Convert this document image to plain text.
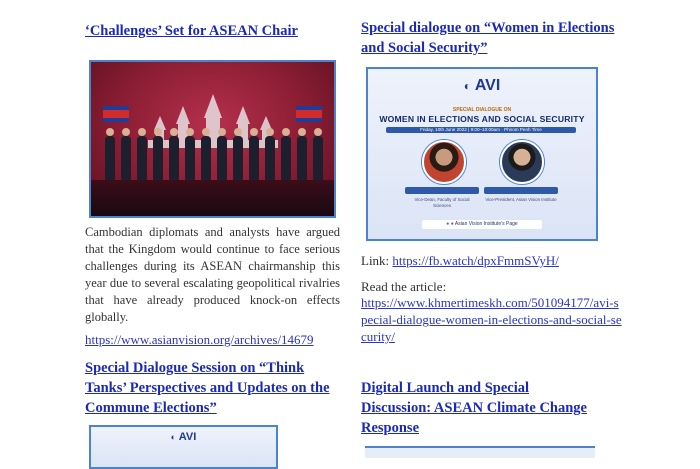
‘Challenges’ Set for ASEAN Chair

Cambodian diplomats and analysts have argued that the Kingdom would continue to face serious challenges during its ASEAN chairmanship this year due to several escalating geopolitical rivalries that have already produced knock-on effects globally.
https://www.asianvision.org/archives/14679

Special Dialogue Session on “Think Tanks’ Perspectives and Updates on the Commune Elections”

◐ AVI

Special dialogue on “Women in Elections and Social Security”

◐ AVI
SPECIAL DIALOGUE ON
WOMEN IN ELECTIONS AND SOCIAL SECURITY
Friday, 10th June 2022 | 9:00–10:00am · Phnom Penh Time

Vice-Dean, Faculty of Social Sciences
Vice-President, Asian Vision Institute
● ● Asian Vision Institute's Page
Link: https://fb.watch/dpxFmmSVyH/
Read the article:
https://www.khmertimeskh.com/501094177/avi-special-dialogue-women-in-elections-and-social-security/

Digital Launch and Special Discussion: ASEAN Climate Change Response
